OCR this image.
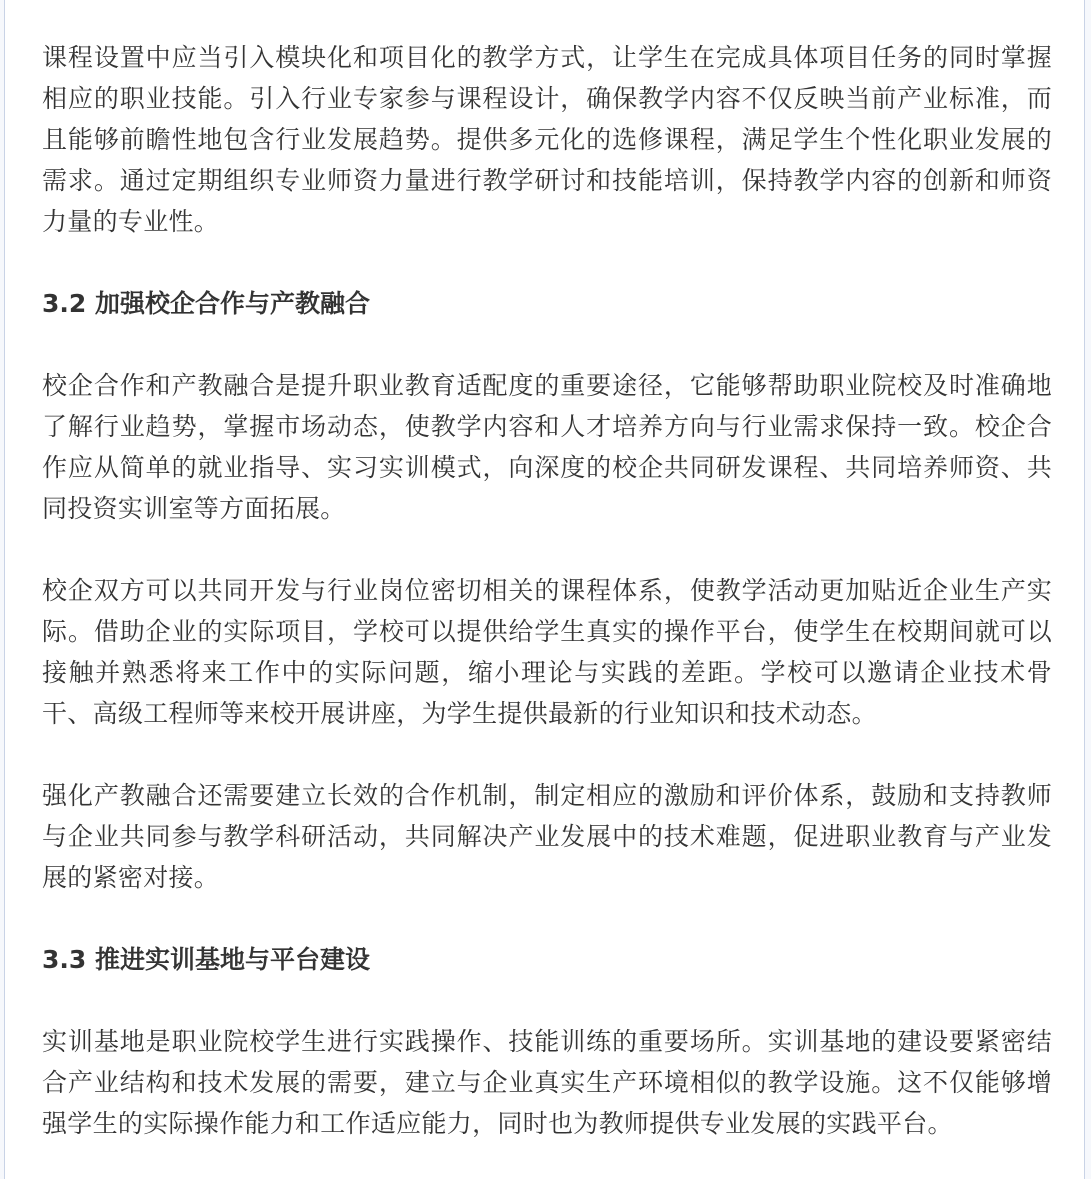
课程设置中应当引入模块化和项目化的教学方式，让学生在完成具体项目任务的同时掌握相应的职业技能。引入行业专家参与课程设计，确保教学内容不仅反映当前产业标准，而且能够前瞻性地包含行业发展趋势。提供多元化的选修课程，满足学生个性化职业发展的需求。通过定期组织专业师资力量进行教学研讨和技能培训，保持教学内容的创新和师资力量的专业性。

3.2 加强校企合作与产教融合

校企合作和产教融合是提升职业教育适配度的重要途径，它能够帮助职业院校及时准确地了解行业趋势，掌握市场动态，使教学内容和人才培养方向与行业需求保持一致。校企合作应从简单的就业指导、实习实训模式，向深度的校企共同研发课程、共同培养师资、共同投资实训室等方面拓展。

校企双方可以共同开发与行业岗位密切相关的课程体系，使教学活动更加贴近企业生产实际。借助企业的实际项目，学校可以提供给学生真实的操作平台，使学生在校期间就可以接触并熟悉将来工作中的实际问题，缩小理论与实践的差距。学校可以邀请企业技术骨干、高级工程师等来校开展讲座，为学生提供最新的行业知识和技术动态。

强化产教融合还需要建立长效的合作机制，制定相应的激励和评价体系，鼓励和支持教师与企业共同参与教学科研活动，共同解决产业发展中的技术难题，促进职业教育与产业发展的紧密对接。

3.3 推进实训基地与平台建设

实训基地是职业院校学生进行实践操作、技能训练的重要场所。实训基地的建设要紧密结合产业结构和技术发展的需要，建立与企业真实生产环境相似的教学设施。这不仅能够增强学生的实际操作能力和工作适应能力，同时也为教师提供专业发展的实践平台。
